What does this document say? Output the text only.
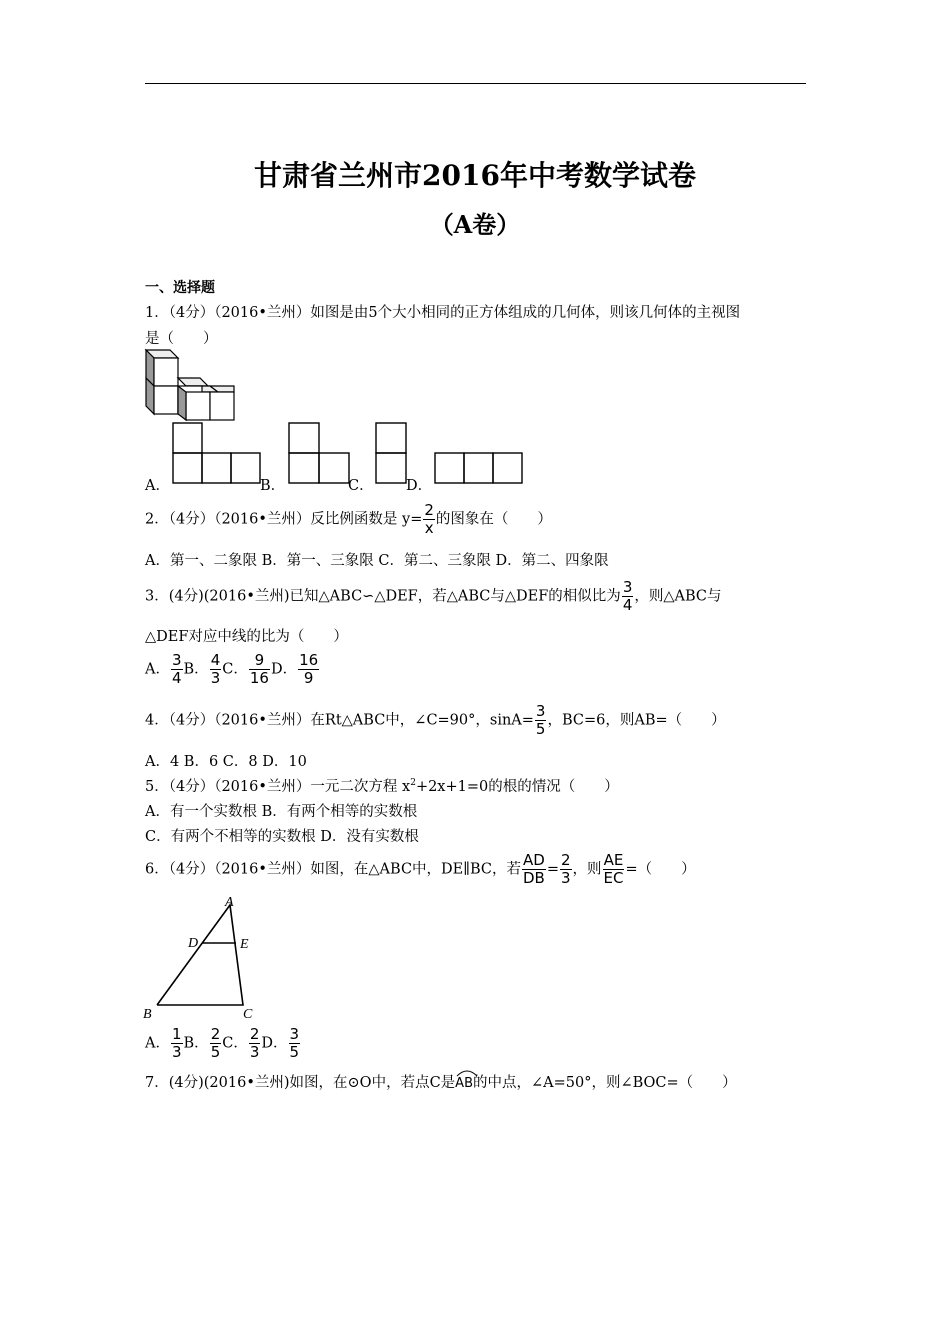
甘肃省兰州市2016年中考数学试卷
（A卷）
一、选择题
1．（4分）（2016•兰州）如图是由5个大小相同的正方体组成的几何体，则该几何体的主视图
是（　　）
A．	B．	C． D．
2．（4分）（2016•兰州）反比例函数是 $y= \frac{2}{x}$ 的图象在（　　）
A．第一、二象限 B．第一、三象限 C．第二、三象限 D．第二、四象限
3．(4分)(2016•兰州)已知△ABC∽△DEF，若△ABC与△DEF的相似比为 $\frac{3}{4}$ ，则△ABC与
△DEF对应中线的比为（　　）
A． $\frac{3}{4}$ B． $\frac{4}{3}$ C． $\frac{9}{16}$ D． $\frac{16}{9}$
4．（4分）（2016•兰州）在Rt△ABC中，∠C=90°，$\sin A= \frac{3}{5}$ ，BC=6，则AB=（　　）
A．4 B．6 C．8 D．10
5．（4分）（2016•兰州）一元二次方程 $x^2+2x+1=0$的根的情况（　　）
A．有一个实数根 B．有两个相等的实数根
C．有两个不相等的实数根 D．没有实数根
6．（4分）（2016•兰州）如图，在△ABC中，DE∥BC，若 $\frac{AD}{DB} = \frac{2}{3}$ ，则 $\frac{AE}{EC}$ =（　　）
A
D	E
B	C
A． $\frac{1}{3}$ B． $\frac{2}{5}$ C． $\frac{2}{3}$ D． $\frac{3}{5}$
7．(4分)(2016•兰州)如图，在⊙O中，若点C是
AB的中点，∠A=50°，则∠BOC=（　　）
